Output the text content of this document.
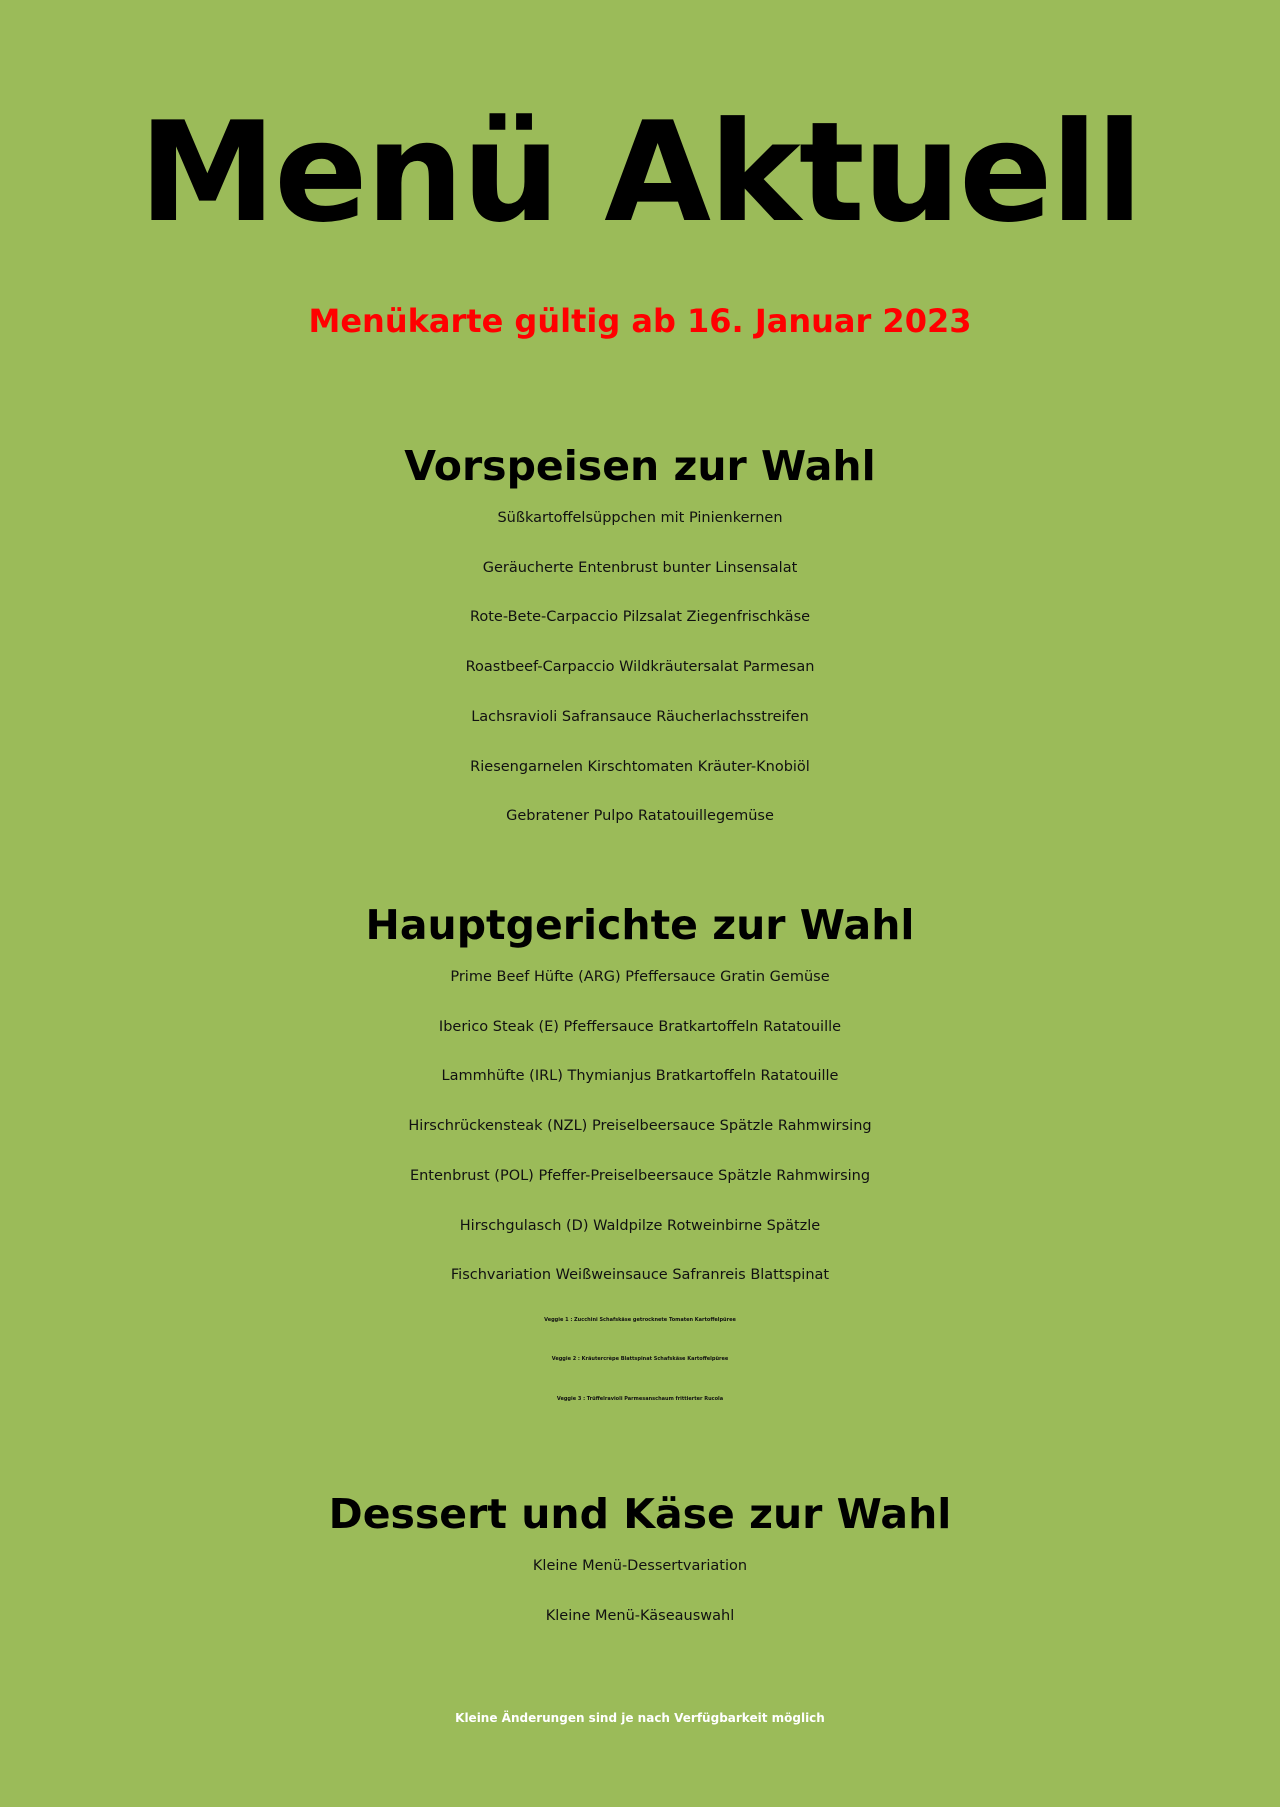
Menü Aktuell
Menükarte gültig ab 16. Januar 2023
Vorspeisen zur Wahl
Süßkartoffelsüppchen mit Pinienkernen
Geräucherte Entenbrust bunter Linsensalat
Rote-Bete-Carpaccio Pilzsalat Ziegenfrischkäse
Roastbeef-Carpaccio Wildkräutersalat Parmesan
Lachsravioli Safransauce Räucherlachsstreifen
Riesengarnelen Kirschtomaten Kräuter-Knobiöl
Gebratener Pulpo Ratatouillegemüse
Hauptgerichte zur Wahl
Prime Beef Hüfte (ARG) Pfeffersauce Gratin Gemüse
Iberico Steak (E) Pfeffersauce Bratkartoffeln Ratatouille
Lammhüfte (IRL) Thymianjus Bratkartoffeln Ratatouille
Hirschrückensteak (NZL) Preiselbeersauce Spätzle Rahmwirsing
Entenbrust (POL) Pfeffer-Preiselbeersauce Spätzle Rahmwirsing
Hirschgulasch (D) Waldpilze Rotweinbirne Spätzle
Fischvariation Weißweinsauce Safranreis Blattspinat
Veggie 1 : Zucchini Schafskäse getrocknete Tomaten Kartoffelpüree
Veggie 2 : Kräutercrèpe Blattspinat Schafskäse Kartoffelpüree
Veggie 3 : Trüffelravioli Parmesanschaum frittierter Rucola
Dessert und Käse zur Wahl
Kleine Menü-Dessertvariation
Kleine Menü-Käseauswahl

Kleine Änderungen sind je nach Verfügbarkeit möglich
